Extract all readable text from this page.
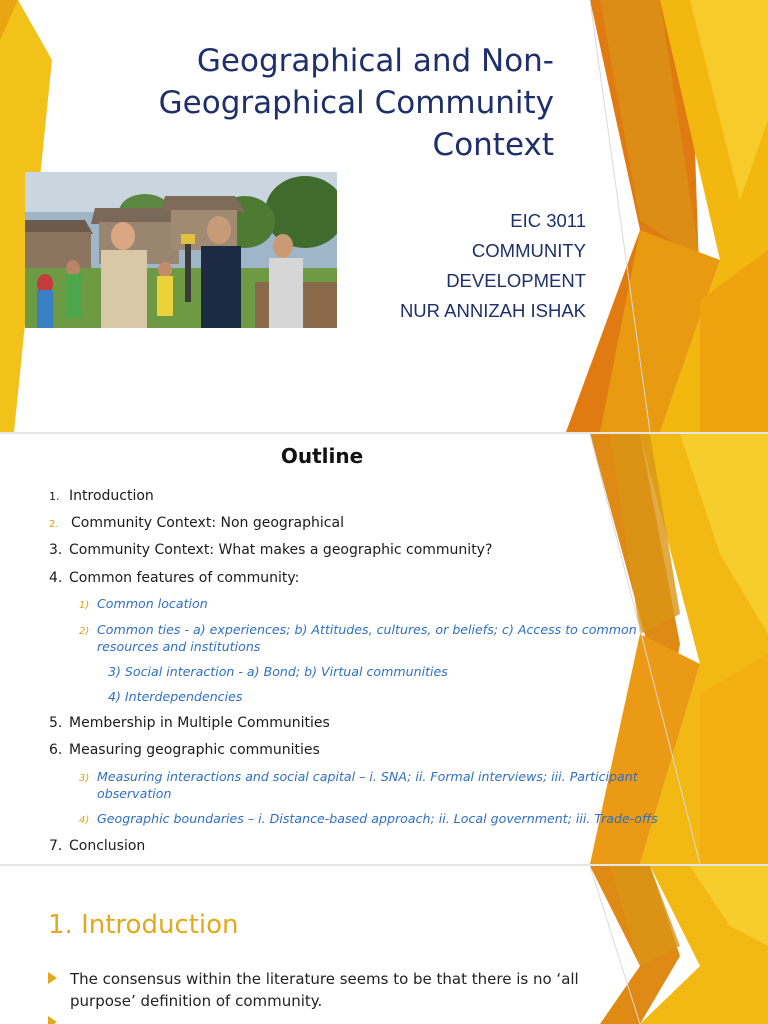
Geographical and Non-
Geographical Community
Context
EIC 3011
COMMUNITY DEVELOPMENT
NUR ANNIZAH ISHAK
Outline
1. Introduction
2. Community Context: Non geographical
3. Community Context: What makes a geographic community?
4. Common features of community:
1) Common location
2) Common ties - a) experiences; b) Attitudes, cultures, or beliefs; c) Access to common
resources and institutions
3) Social interaction - a) Bond; b) Virtual communities
4) Interdependencies
5. Membership in Multiple Communities
6. Measuring geographic communities
3) Measuring interactions and social capital – i. SNA; ii. Formal interviews; iii. Participant
observation
4) Geographic boundaries – i. Distance-based approach; ii. Local government; iii. Trade-offs
7. Conclusion
1. Introduction
The consensus within the literature seems to be that there is no ‘all
purpose’ definition of community.
